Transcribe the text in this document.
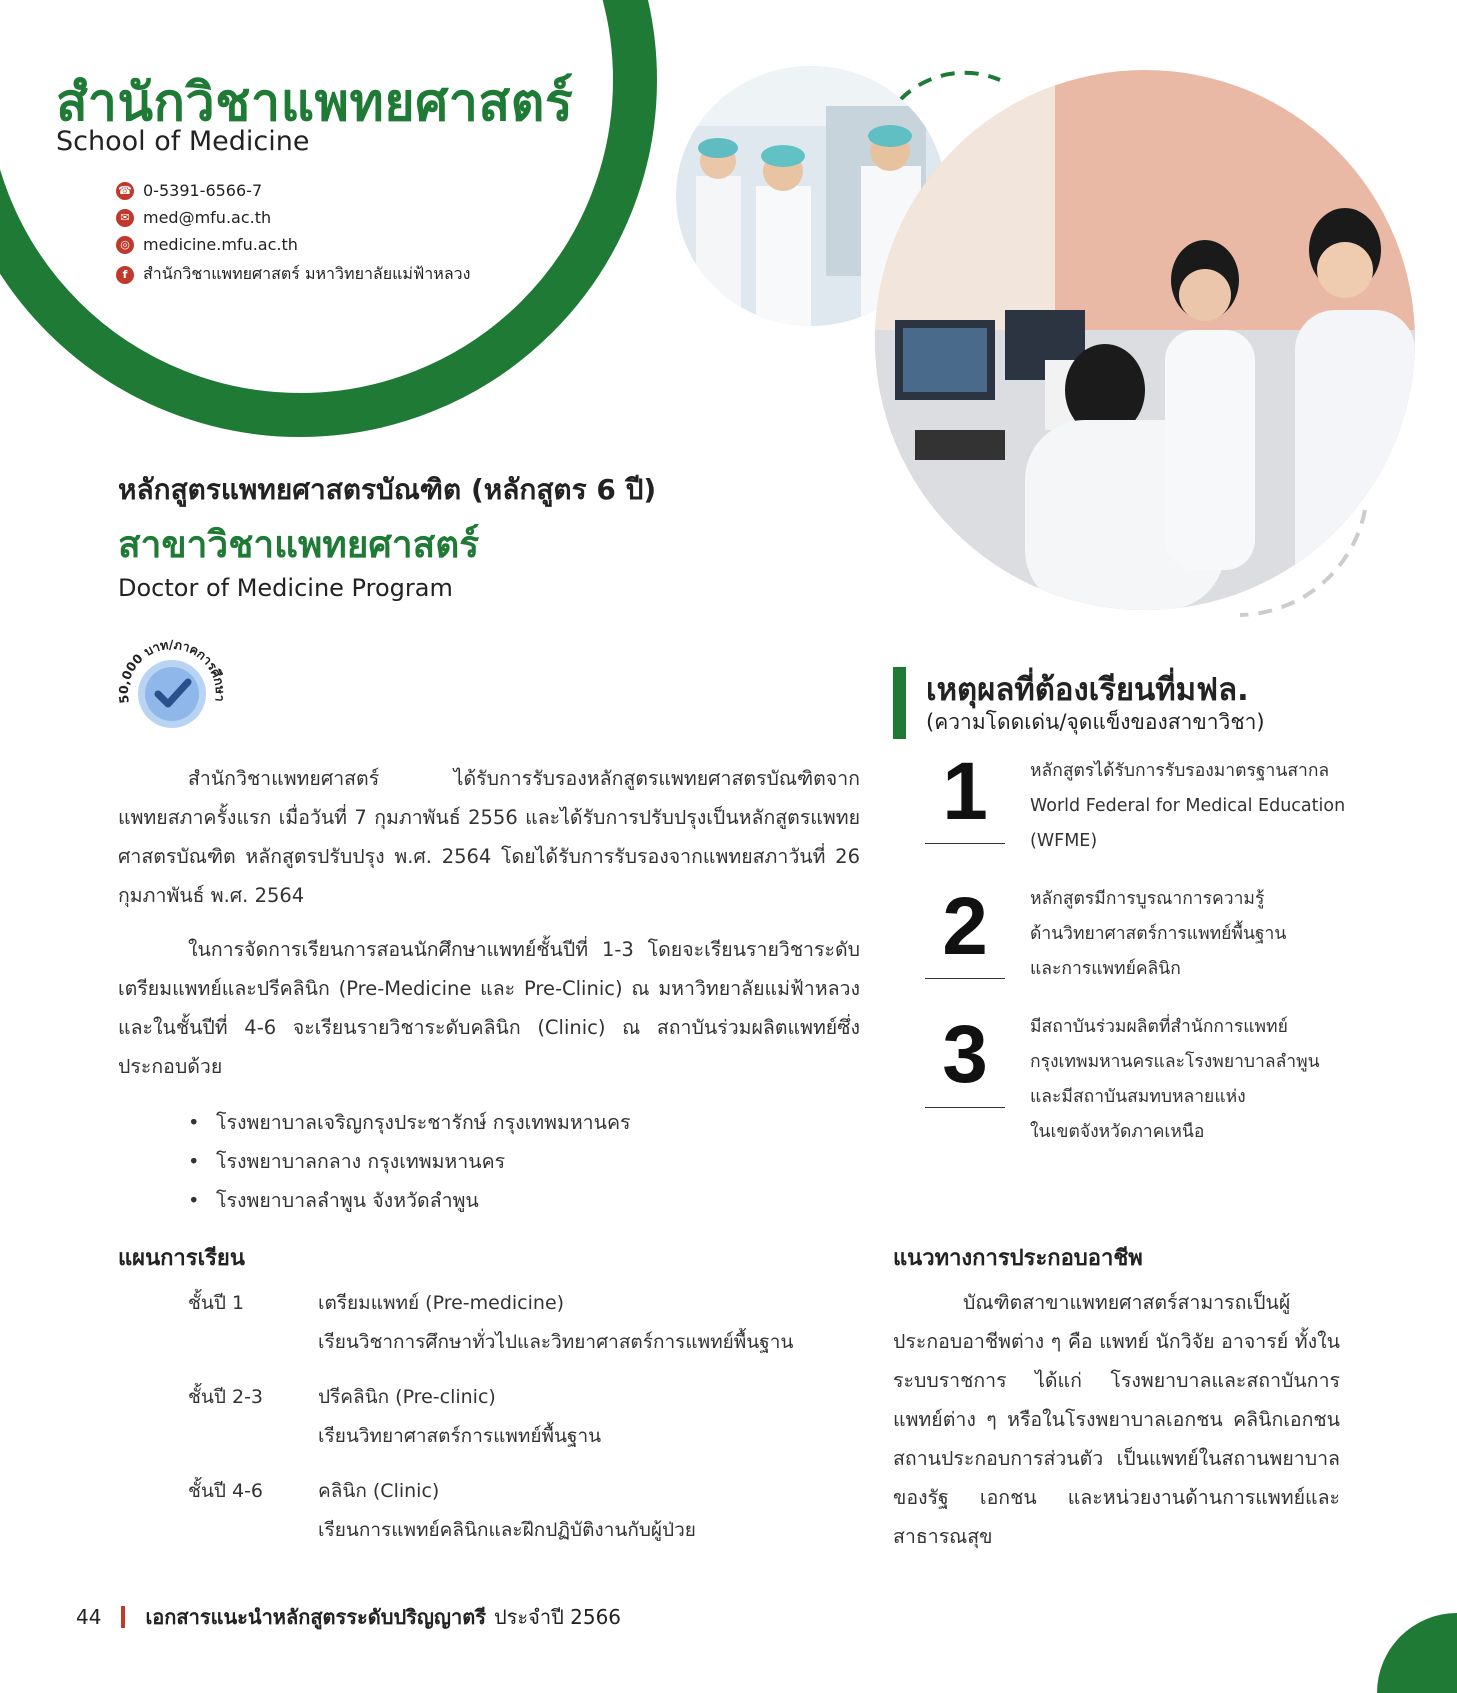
สำนักวิชาแพทยศาสตร์
School of Medicine
☎ 0-5391-6566-7
✉ med@mfu.ac.th
◎ medicine.mfu.ac.th
f สำนักวิชาแพทยศาสตร์ มหาวิทยาลัยแม่ฟ้าหลวง
หลักสูตรแพทยศาสตรบัณฑิต (หลักสูตร 6 ปี)
สาขาวิชาแพทยศาสตร์
Doctor of Medicine Program
50,000 บาท/ภาคการศึกษา
สำนักวิชาแพทยศาสตร์ ได้รับการรับรองหลักสูตรแพทยศาสตรบัณฑิตจากแพทยสภาครั้งแรก เมื่อวันที่ 7 กุมภาพันธ์ 2556 และได้รับการปรับปรุงเป็นหลักสูตรแพทยศาสตรบัณฑิต หลักสูตรปรับปรุง พ.ศ. 2564 โดยได้รับการรับรองจากแพทยสภาวันที่ 26 กุมภาพันธ์ พ.ศ. 2564
ในการจัดการเรียนการสอนนักศึกษาแพทย์ชั้นปีที่ 1-3 โดยจะเรียนรายวิชาระดับเตรียมแพทย์และปรีคลินิก (Pre-Medicine และ Pre-Clinic) ณ มหาวิทยาลัยแม่ฟ้าหลวง และในชั้นปีที่ 4-6 จะเรียนรายวิชาระดับคลินิก (Clinic) ณ สถาบันร่วมผลิตแพทย์ซึ่งประกอบด้วย
• โรงพยาบาลเจริญกรุงประชารักษ์ กรุงเทพมหานคร
• โรงพยาบาลกลาง กรุงเทพมหานคร
• โรงพยาบาลลำพูน จังหวัดลำพูน
แผนการเรียน
ชั้นปี 1	เตรียมแพทย์ (Pre-medicine)
เรียนวิชาการศึกษาทั่วไปและวิทยาศาสตร์การแพทย์พื้นฐาน
ชั้นปี 2-3	ปรีคลินิก (Pre-clinic)
เรียนวิทยาศาสตร์การแพทย์พื้นฐาน
ชั้นปี 4-6	คลินิก (Clinic)
เรียนการแพทย์คลินิกและฝึกปฏิบัติงานกับผู้ป่วย
เหตุผลที่ต้องเรียนที่มฟล.
(ความโดดเด่น/จุดแข็งของสาขาวิชา)
1	หลักสูตรได้รับการรับรองมาตรฐานสากล
World Federal for Medical Education
(WFME)
2	หลักสูตรมีการบูรณาการความรู้
ด้านวิทยาศาสตร์การแพทย์พื้นฐาน
และการแพทย์คลินิก
3	มีสถาบันร่วมผลิตที่สำนักการแพทย์
กรุงเทพมหานครและโรงพยาบาลลำพูน
และมีสถาบันสมทบหลายแห่ง
ในเขตจังหวัดภาคเหนือ
แนวทางการประกอบอาชีพ
บัณฑิตสาขาแพทยศาสตร์สามารถเป็นผู้ประกอบอาชีพต่าง ๆ คือ แพทย์ นักวิจัย อาจารย์ ทั้งในระบบราชการ ได้แก่ โรงพยาบาลและสถาบันการแพทย์ต่าง ๆ หรือในโรงพยาบาลเอกชน คลินิกเอกชน สถานประกอบการส่วนตัว เป็นแพทย์ในสถานพยาบาลของรัฐ เอกชน และหน่วยงานด้านการแพทย์และสาธารณสุข
44 เอกสารแนะนำหลักสูตรระดับปริญญาตรี ประจำปี 2566
